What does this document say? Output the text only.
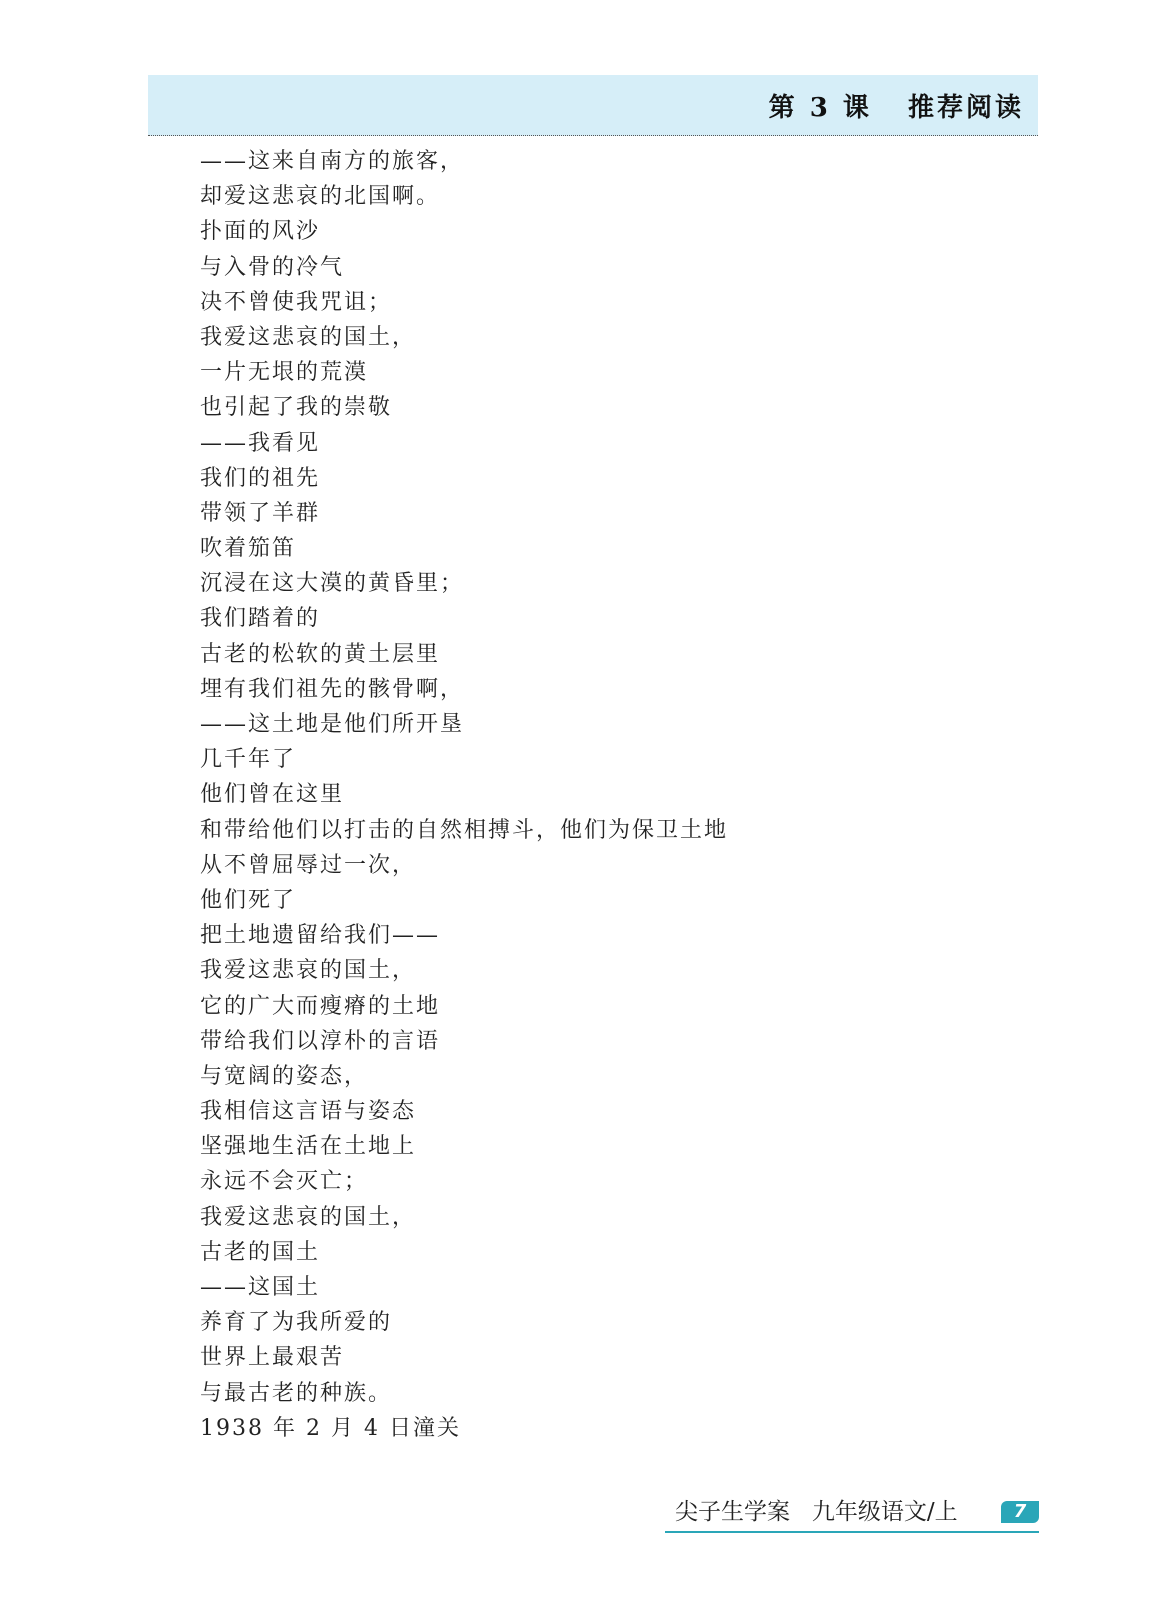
第 3 课   推荐阅读
——这来自南方的旅客，
却爱这悲哀的北国啊。
扑面的风沙
与入骨的冷气
决不曾使我咒诅；
我爱这悲哀的国土，
一片无垠的荒漠
也引起了我的崇敬
——我看见
我们的祖先
带领了羊群
吹着笳笛
沉浸在这大漠的黄昏里；
我们踏着的
古老的松软的黄土层里
埋有我们祖先的骸骨啊，
——这土地是他们所开垦
几千年了
他们曾在这里
和带给他们以打击的自然相搏斗，他们为保卫土地
从不曾屈辱过一次，
他们死了
把土地遗留给我们——
我爱这悲哀的国土，
它的广大而瘦瘠的土地
带给我们以淳朴的言语
与宽阔的姿态，
我相信这言语与姿态
坚强地生活在土地上
永远不会灭亡；
我爱这悲哀的国土，
古老的国土
——这国土
养育了为我所爱的
世界上最艰苦
与最古老的种族。
1938 年 2 月 4 日潼关
尖子生学案   九年级语文/上	7
